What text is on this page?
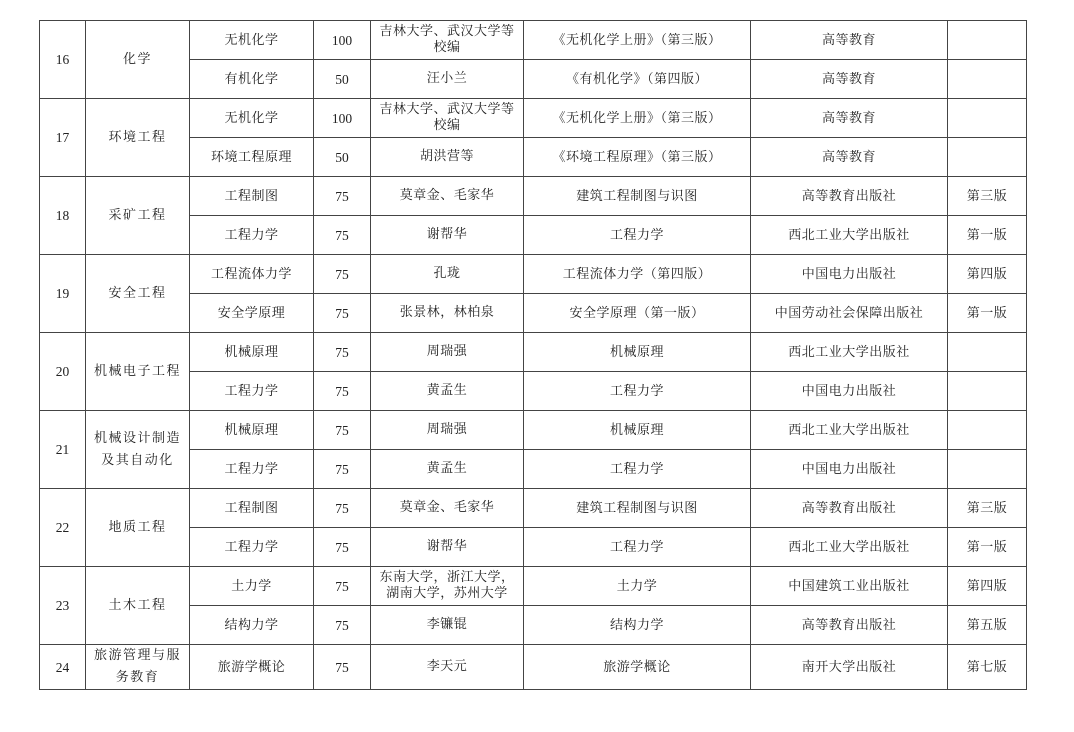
16	化学	无机化学	100	吉林大学、武汉大学等校编	《无机化学上册》（第三版）	高等教育	
		有机化学	50	汪小兰	《有机化学》（第四版）	高等教育	
17	环境工程	无机化学	100	吉林大学、武汉大学等校编	《无机化学上册》（第三版）	高等教育	
		环境工程原理	50	胡洪营等	《环境工程原理》（第三版）	高等教育	
18	采矿工程	工程制图	75	莫章金、毛家华	建筑工程制图与识图	高等教育出版社	第三版
		工程力学	75	谢帮华	工程力学	西北工业大学出版社	第一版
19	安全工程	工程流体力学	75	孔珑	工程流体力学（第四版）	中国电力出版社	第四版
		安全学原理	75	张景林，林柏泉	安全学原理（第一版）	中国劳动社会保障出版社	第一版
20	机械电子工程	机械原理	75	周瑞强	机械原理	西北工业大学出版社	
		工程力学	75	黄孟生	工程力学	中国电力出版社	
21	机械设计制造及其自动化	机械原理	75	周瑞强	机械原理	西北工业大学出版社	
		工程力学	75	黄孟生	工程力学	中国电力出版社	
22	地质工程	工程制图	75	莫章金、毛家华	建筑工程制图与识图	高等教育出版社	第三版
		工程力学	75	谢帮华	工程力学	西北工业大学出版社	第一版
23	土木工程	土力学	75	东南大学，浙江大学，湖南大学，苏州大学	土力学	中国建筑工业出版社	第四版
		结构力学	75	李镰锟	结构力学	高等教育出版社	第五版
24	旅游管理与服务教育	旅游学概论	75	李天元	旅游学概论	南开大学出版社	第七版
